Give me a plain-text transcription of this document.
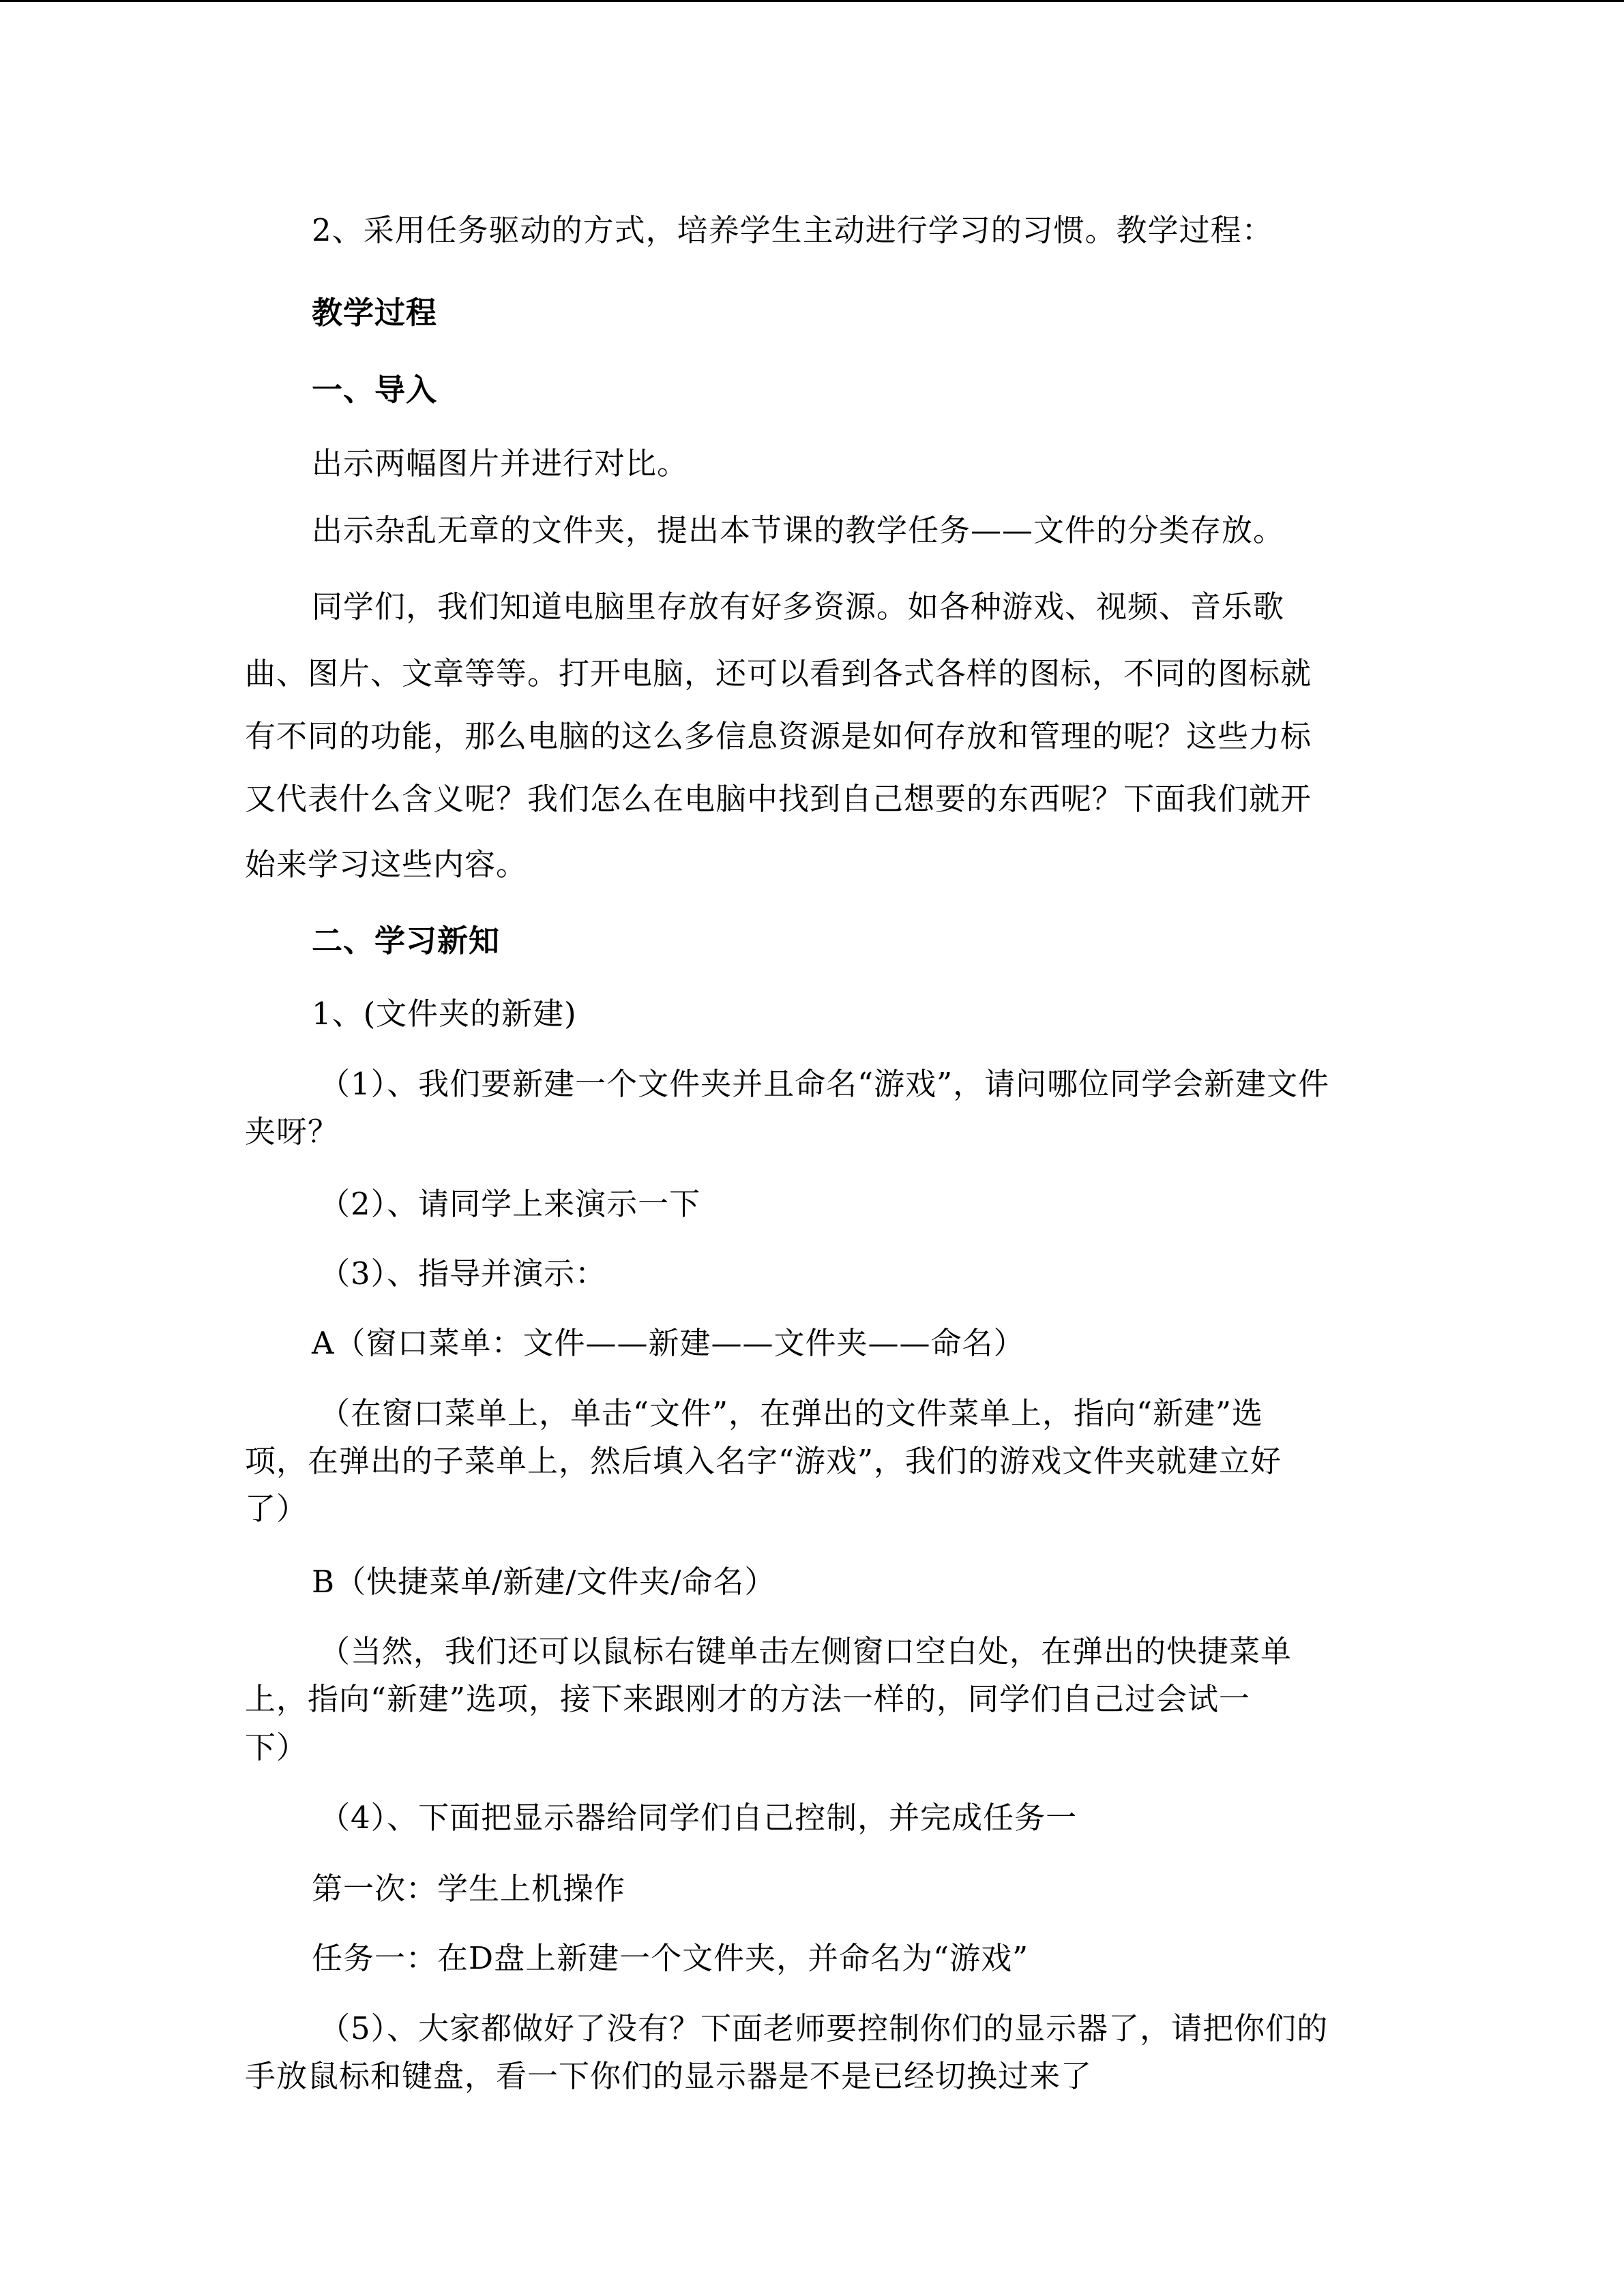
2、采用任务驱动的方式，培养学生主动进行学习的习惯。教学过程：
教学过程
一、导入
出示两幅图片并进行对比。
出示杂乱无章的文件夹，提出本节课的教学任务——文件的分类存放。
同学们，我们知道电脑里存放有好多资源。如各种游戏、视频、音乐歌
曲、图片、文章等等。打开电脑，还可以看到各式各样的图标，不同的图标就
有不同的功能，那么电脑的这么多信息资源是如何存放和管理的呢？这些力标
又代表什么含义呢？我们怎么在电脑中找到自己想要的东西呢？下面我们就开
始来学习这些内容。
二、学习新知
1、(文件夹的新建)
（1）、我们要新建一个文件夹并且命名“游戏”，请问哪位同学会新建文件
夹呀？
（2）、请同学上来演示一下
（3）、指导并演示：
A（窗口菜单：文件——新建——文件夹——命名）
（在窗口菜单上，单击“文件”，在弹出的文件菜单上，指向“新建”选
项，在弹出的子菜单上，然后填入名字“游戏”，我们的游戏文件夹就建立好
了）
B（快捷菜单/新建/文件夹/命名）
（当然，我们还可以鼠标右键单击左侧窗口空白处，在弹出的快捷菜单
上，指向“新建”选项，接下来跟刚才的方法一样的，同学们自己过会试一
下）
（4）、下面把显示器给同学们自己控制，并完成任务一
第一次：学生上机操作
任务一：在D盘上新建一个文件夹，并命名为“游戏”
（5）、大家都做好了没有？下面老师要控制你们的显示器了，请把你们的
手放鼠标和键盘，看一下你们的显示器是不是已经切换过来了
